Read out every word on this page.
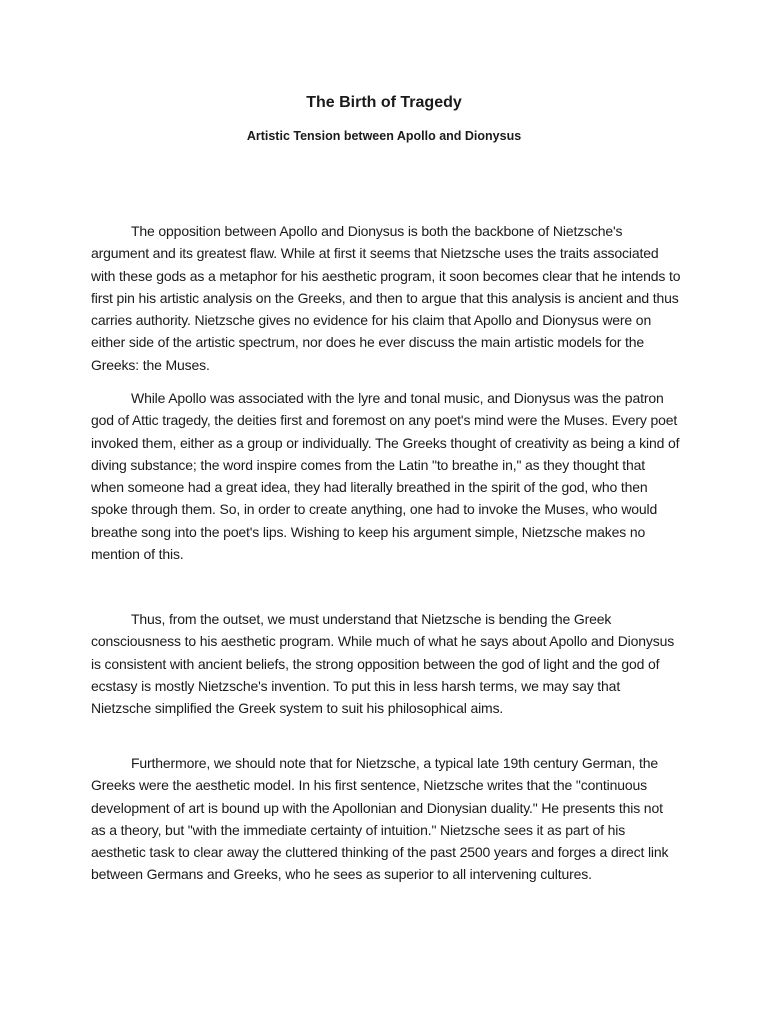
The Birth of Tragedy
Artistic Tension between Apollo and Dionysus

The opposition between Apollo and Dionysus is both the backbone of Nietzsche's argument and its greatest flaw. While at first it seems that Nietzsche uses the traits associated with these gods as a metaphor for his aesthetic program, it soon becomes clear that he intends to first pin his artistic analysis on the Greeks, and then to argue that this analysis is ancient and thus carries authority. Nietzsche gives no evidence for his claim that Apollo and Dionysus were on either side of the artistic spectrum, nor does he ever discuss the main artistic models for the Greeks: the Muses.

While Apollo was associated with the lyre and tonal music, and Dionysus was the patron god of Attic tragedy, the deities first and foremost on any poet's mind were the Muses. Every poet invoked them, either as a group or individually. The Greeks thought of creativity as being a kind of diving substance; the word inspire comes from the Latin "to breathe in," as they thought that when someone had a great idea, they had literally breathed in the spirit of the god, who then spoke through them. So, in order to create anything, one had to invoke the Muses, who would breathe song into the poet's lips. Wishing to keep his argument simple, Nietzsche makes no mention of this.

Thus, from the outset, we must understand that Nietzsche is bending the Greek consciousness to his aesthetic program. While much of what he says about Apollo and Dionysus is consistent with ancient beliefs, the strong opposition between the god of light and the god of ecstasy is mostly Nietzsche's invention. To put this in less harsh terms, we may say that Nietzsche simplified the Greek system to suit his philosophical aims.

Furthermore, we should note that for Nietzsche, a typical late 19th century German, the Greeks were the aesthetic model. In his first sentence, Nietzsche writes that the "continuous development of art is bound up with the Apollonian and Dionysian duality." He presents this not as a theory, but "with the immediate certainty of intuition." Nietzsche sees it as part of his aesthetic task to clear away the cluttered thinking of the past 2500 years and forges a direct link between Germans and Greeks, who he sees as superior to all intervening cultures.
